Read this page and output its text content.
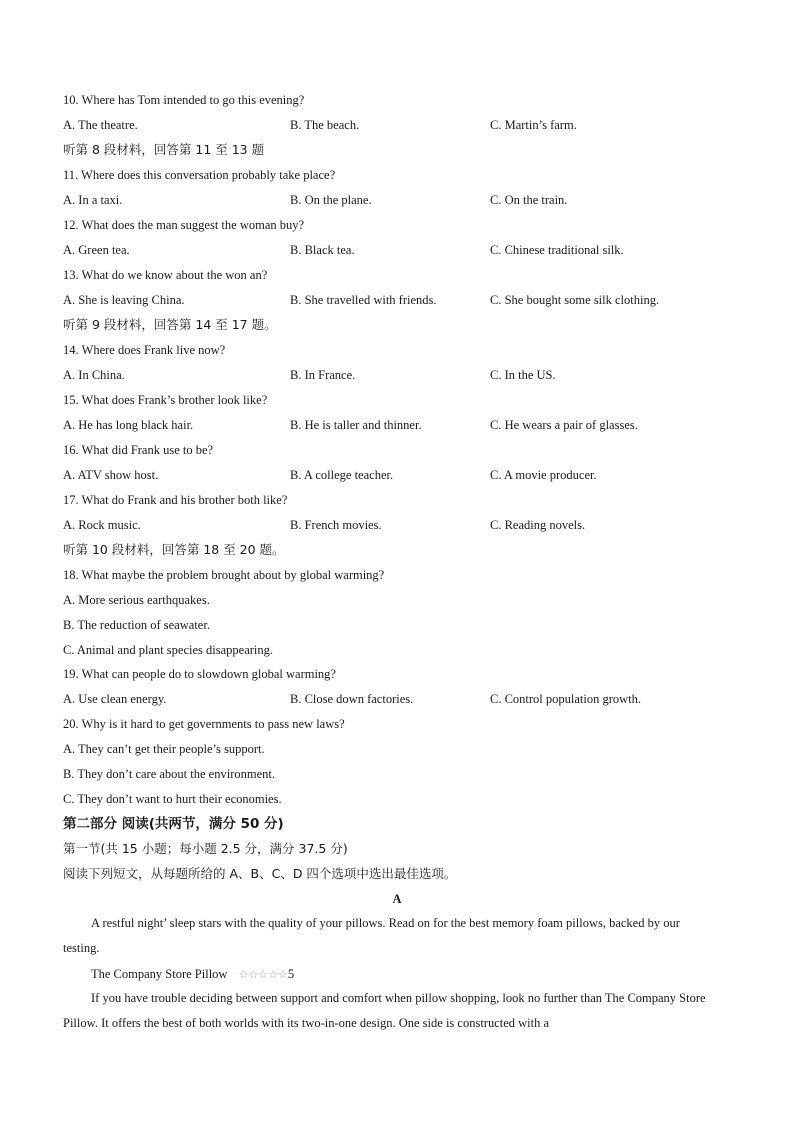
10. Where has Tom intended to go this evening?
A. The theatre.	B. The beach.	C. Martin’s farm.
听第 8 段材料，回答第 11 至 13 题
11. Where does this conversation probably take place?
A. In a taxi.	B. On the plane.	C. On the train.
12. What does the man suggest the woman buy?
A. Green tea.	B. Black tea.	C. Chinese traditional silk.
13. What do we know about the won an?
A. She is leaving China.	B. She travelled with friends.	C. She bought some silk clothing.
听第 9 段材料，回答第 14 至 17 题。
14. Where does Frank live now?
A. In China.	B. In France.	C. In the US.
15. What does Frank’s brother look like?
A. He has long black hair.	B. He is taller and thinner.	C. He wears a pair of glasses.
16. What did Frank use to be?
A. ATV show host.	B. A college teacher.	C. A movie producer.
17. What do Frank and his brother both like?
A. Rock music.	B. French movies.	C. Reading novels.
听第 10 段材料，回答第 18 至 20 题。
18. What maybe the problem brought about by global warming?
A. More serious earthquakes.
B. The reduction of seawater.
C. Animal and plant species disappearing.
19. What can people do to slowdown global warming?
A. Use clean energy.	B. Close down factories.	C. Control population growth.
20. Why is it hard to get governments to pass new laws?
A. They can’t get their people’s support.
B. They don’t care about the environment.
C. They don’t want to hurt their economies.
第二部分 阅读(共两节，满分 50 分)
第一节(共 15 小题；每小题 2.5 分，满分 37.5 分)
阅读下列短文，从每题所给的 A、B、C、D 四个选项中选出最佳选项。
A
A restful night’ sleep stars with the quality of your pillows. Read on for the best memory foam pillows, backed by our testing.
The Company Store Pillow ☆☆☆☆☆5
If you have trouble deciding between support and comfort when pillow shopping, look no further than The Company Store Pillow. It offers the best of both worlds with its two-in-one design. One side is constructed with a
